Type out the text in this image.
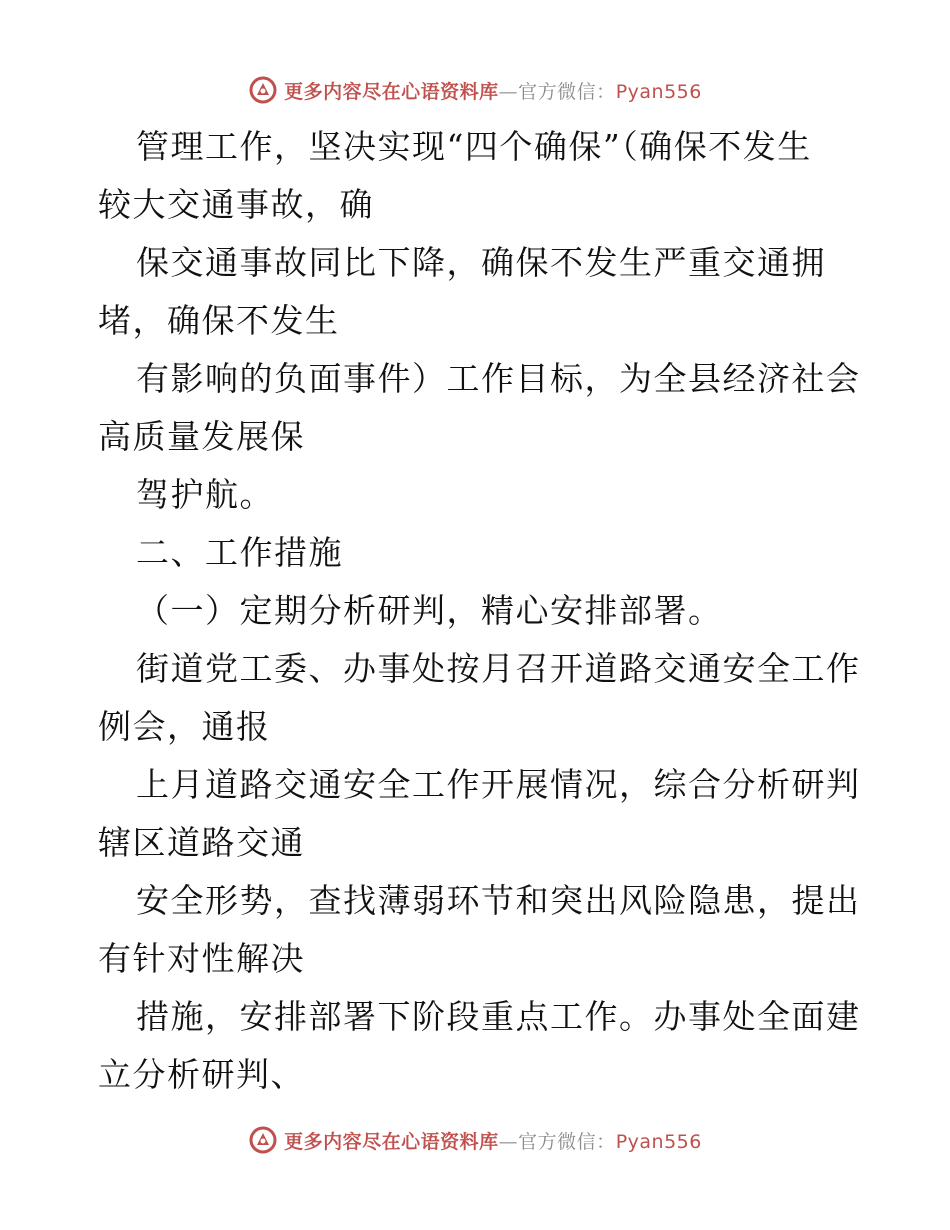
更多内容尽在心语资料库—官方微信：Pyan556
管理工作，坚决实现“四个确保”（确保不发生
较大交通事故，确
保交通事故同比下降，确保不发生严重交通拥
堵，确保不发生
有影响的负面事件）工作目标，为全县经济社会
高质量发展保
驾护航。
二、工作措施
（一）定期分析研判，精心安排部署。
街道党工委、办事处按月召开道路交通安全工作
例会，通报
上月道路交通安全工作开展情况，综合分析研判
辖区道路交通
安全形势，查找薄弱环节和突出风险隐患，提出
有针对性解决
措施，安排部署下阶段重点工作。办事处全面建
立分析研判、
更多内容尽在心语资料库—官方微信：Pyan556
